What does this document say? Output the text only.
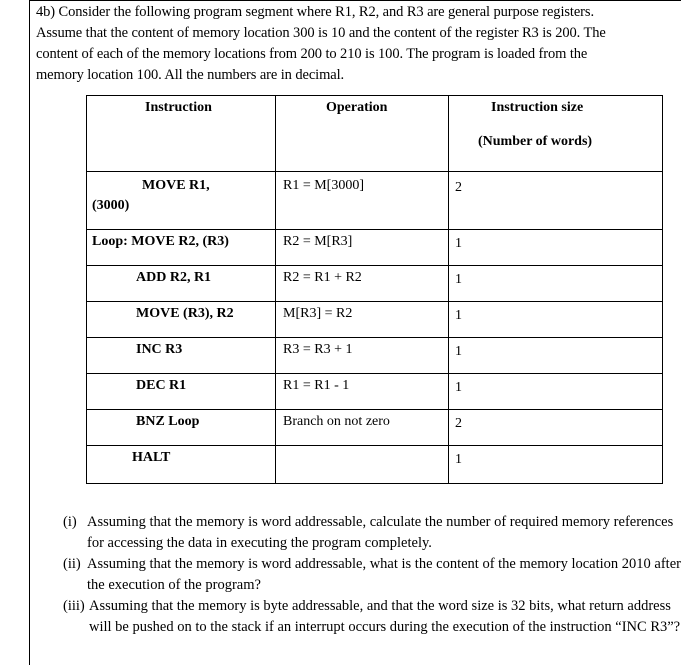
4b) Consider the following program segment where R1, R2, and R3 are general purpose registers.
Assume that the content of memory location 300 is 10 and the content of the register R3 is 200. The
content of each of the memory locations from 200 to 210 is 100. The program is loaded from the
memory location 100. All the numbers are in decimal.
Instruction	Operation	Instruction size
(Number of words)

MOVE R1,
(3000)	R1 = M[3000]	2

Loop: MOVE R2, (R3)	R2 = M[R3]	1

ADD R2, R1	R2 = R1 + R2	1

MOVE (R3), R2	M[R3] = R2	1

INC R3	R3 = R3 + 1	1

DEC R1	R1 = R1 - 1	1

BNZ Loop	Branch on not zero	2

HALT		1
(i) Assuming that the memory is word addressable, calculate the number of required memory references for accessing the data in executing the program completely.
(ii) Assuming that the memory is word addressable, what is the content of the memory location 2010 after the execution of the program?
(iii) Assuming that the memory is byte addressable, and that the word size is 32 bits, what return address will be pushed on to the stack if an interrupt occurs during the execution of the instruction “INC R3”?
